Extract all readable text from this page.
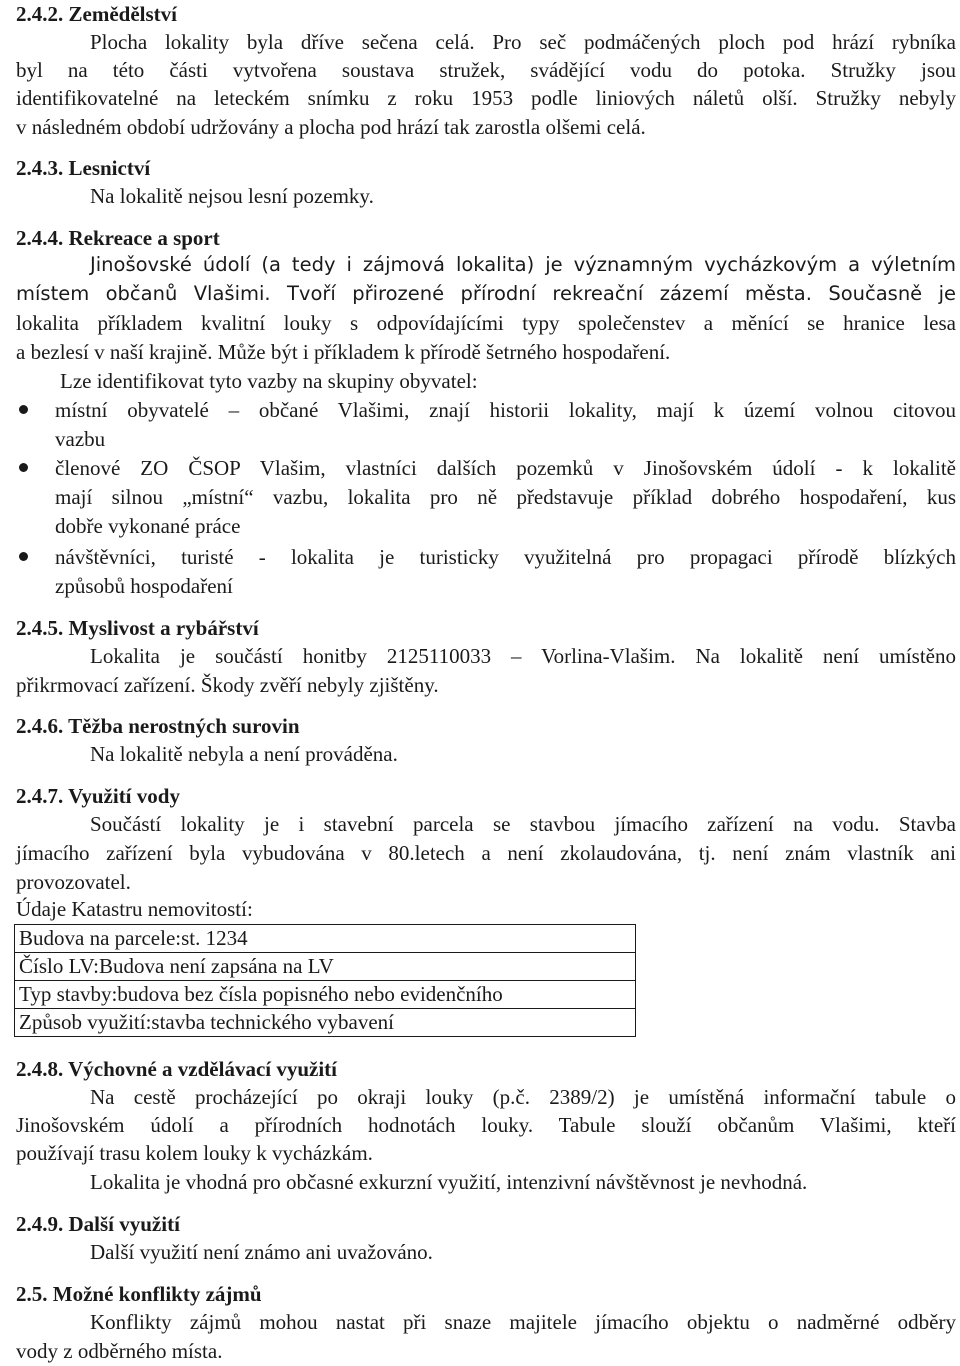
2.4.2. Zemědělství
Plocha lokality byla dříve sečena celá. Pro seč podmáčených ploch pod hrází rybníka
byl na této části vytvořena soustava stružek, svádějící vodu do potoka. Stružky jsou
identifikovatelné na leteckém snímku z roku 1953 podle liniových náletů olší. Stružky nebyly
v následném období udržovány a plocha pod hrází tak zarostla olšemi celá.
2.4.3. Lesnictví
Na lokalitě nejsou lesní pozemky.
2.4.4. Rekreace a sport
Jinošovské údolí (a tedy i zájmová lokalita) je významným vycházkovým a výletním
místem občanů Vlašimi. Tvoří přirozené přírodní rekreační zázemí města. Současně je
lokalita příkladem kvalitní louky s odpovídajícími typy společenstev a měnící se hranice lesa
a bezlesí v naší krajině. Může být i příkladem k přírodě šetrného hospodaření.
Lze identifikovat tyto vazby na skupiny obyvatel:
místní obyvatelé – občané Vlašimi, znají historii lokality, mají k území volnou citovou
vazbu
členové ZO ČSOP Vlašim, vlastníci dalších pozemků v Jinošovském údolí - k lokalitě
mají silnou „místní“ vazbu, lokalita pro ně představuje příklad dobrého hospodaření, kus
dobře vykonané práce
návštěvníci, turisté - lokalita je turisticky využitelná pro propagaci přírodě blízkých
způsobů hospodaření
2.4.5. Myslivost a rybářství
Lokalita je součástí honitby 2125110033 – Vorlina-Vlašim. Na lokalitě není umístěno
přikrmovací zařízení. Škody zvěří nebyly zjištěny.
2.4.6. Těžba nerostných surovin
Na lokalitě nebyla a není prováděna.
2.4.7. Využití vody
Součástí lokality je i stavební parcela se stavbou jímacího zařízení na vodu. Stavba
jímacího zařízení byla vybudována v 80.letech a není zkolaudována, tj. není znám vlastník ani
provozovatel.
Údaje Katastru nemovitostí:
Budova na parcele:st. 1234
Číslo LV:Budova není zapsána na LV
Typ stavby:budova bez čísla popisného nebo evidenčního
Způsob využití:stavba technického vybavení
2.4.8. Výchovné a vzdělávací využití
Na cestě procházející po okraji louky (p.č. 2389/2) je umístěná informační tabule o
Jinošovském údolí a přírodních hodnotách louky. Tabule slouží občanům Vlašimi, kteří
používají trasu kolem louky k vycházkám.
Lokalita je vhodná pro občasné exkurzní využití, intenzivní návštěvnost je nevhodná.
2.4.9. Další využití
Další využití není známo ani uvažováno.
2.5. Možné konflikty zájmů
Konflikty zájmů mohou nastat při snaze majitele jímacího objektu o nadměrné odběry
vody z odběrného místa.
